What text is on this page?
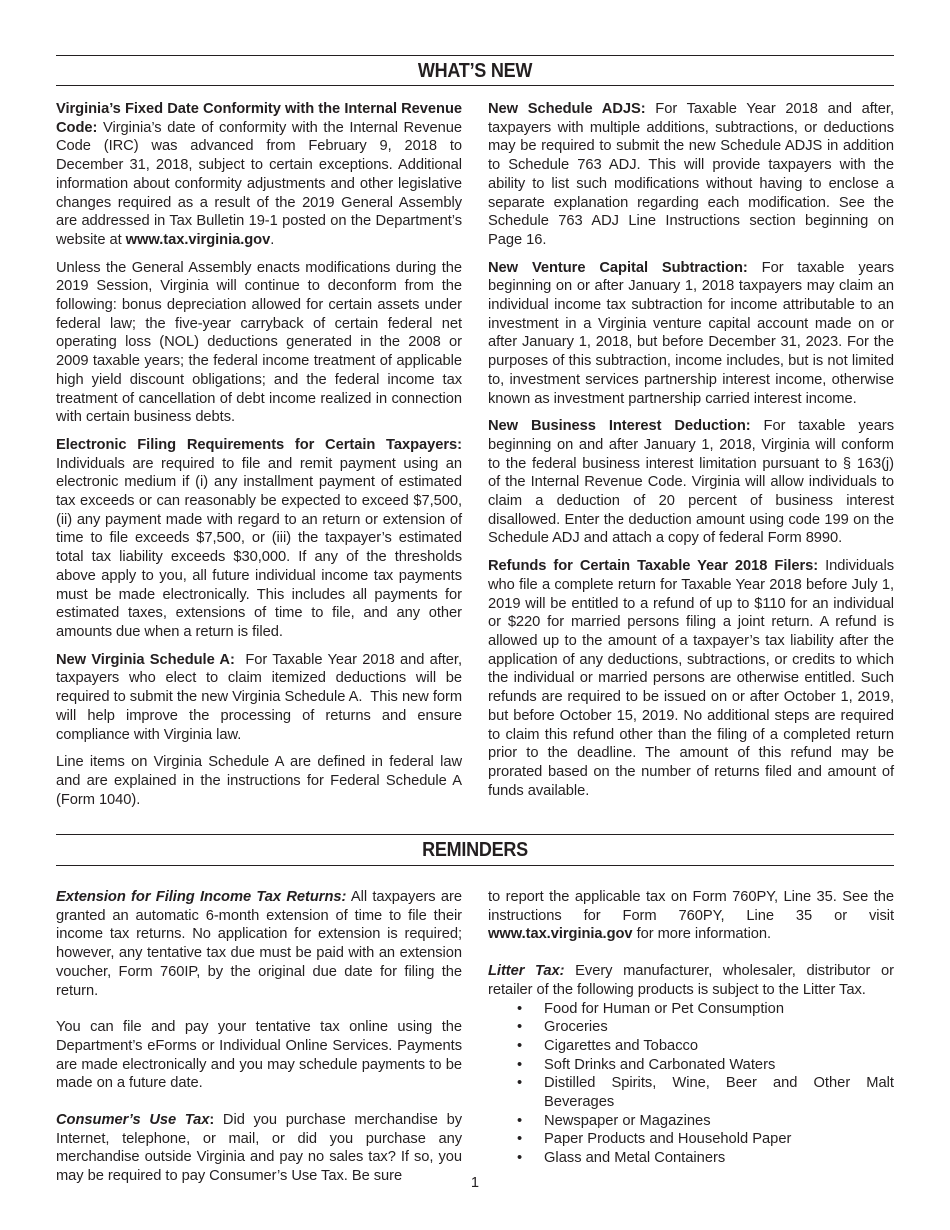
WHAT’S NEW

Virginia’s Fixed Date Conformity with the Internal Revenue Code: Virginia’s date of conformity with the Internal Revenue Code (IRC) was advanced from February 9, 2018 to December 31, 2018, subject to certain exceptions. Additional information about conformity adjustments and other legislative changes required as a result of the 2019 General Assembly are addressed in Tax Bulletin 19-1 posted on the Department’s website at www.tax.virginia.gov.

Unless the General Assembly enacts modifications during the 2019 Session, Virginia will continue to deconform from the following: bonus depreciation allowed for certain assets under federal law; the five-year carryback of certain federal net operating loss (NOL) deductions generated in the 2008 or 2009 taxable years; the federal income treatment of applicable high yield discount obligations; and the federal income tax treatment of cancellation of debt income realized in connection with certain business debts.

Electronic Filing Requirements for Certain Taxpayers: Individuals are required to file and remit payment using an electronic medium if (i) any installment payment of estimated tax exceeds or can reasonably be expected to exceed $7,500, (ii) any payment made with regard to an return or extension of time to file exceeds $7,500, or (iii) the taxpayer’s estimated total tax liability exceeds $30,000. If any of the thresholds above apply to you, all future individual income tax payments must be made electronically. This includes all payments for estimated taxes, extensions of time to file, and any other amounts due when a return is filed.

New Virginia Schedule A:  For Taxable Year 2018 and after, taxpayers who elect to claim itemized deductions will be required to submit the new Virginia Schedule A.  This new form will help improve the processing of returns and ensure compliance with Virginia law.

Line items on Virginia Schedule A are defined in federal law and are explained in the instructions for Federal Schedule A (Form 1040).

New Schedule ADJS: For Taxable Year 2018 and after, taxpayers with multiple additions, subtractions, or deductions may be required to submit the new Schedule ADJS in addition to Schedule 763 ADJ. This will provide taxpayers with the ability to list such modifications without having to enclose a separate explanation regarding each modification. See the Schedule 763 ADJ Line Instructions section beginning on Page 16.

New Venture Capital Subtraction: For taxable years beginning on or after January 1, 2018 taxpayers may claim an individual income tax subtraction for income attributable to an investment in a Virginia venture capital account made on or after January 1, 2018, but before December 31, 2023. For the purposes of this subtraction, income includes, but is not limited to, investment services partnership interest income, otherwise known as investment partnership carried interest income.

New Business Interest Deduction: For taxable years beginning on and after January 1, 2018, Virginia will conform to the federal business interest limitation pursuant to § 163(j) of the Internal Revenue Code. Virginia will allow individuals to claim a deduction of 20 percent of business interest disallowed. Enter the deduction amount using code 199 on the Schedule ADJ and attach a copy of federal Form 8990.

Refunds for Certain Taxable Year 2018 Filers: Individuals who file a complete return for Taxable Year 2018 before July 1, 2019 will be entitled to a refund of up to $110 for an individual or $220 for married persons filing a joint return. A refund is allowed up to the amount of a taxpayer’s tax liability after the application of any deductions, subtractions, or credits to which the individual or married persons are otherwise entitled. Such refunds are required to be issued on or after October 1, 2019, but before October 15, 2019. No additional steps are required to claim this refund other than the filing of a completed return prior to the deadline. The amount of this refund may be prorated based on the number of returns filed and amount of funds available.

REMINDERS

Extension for Filing Income Tax Returns: All taxpayers are granted an automatic 6-month extension of time to file their income tax returns. No application for extension is required; however, any tentative tax due must be paid with an extension voucher, Form 760IP, by the original due date for filing the return.

You can file and pay your tentative tax online using the Department’s eForms or Individual Online Services. Payments are made electronically and you may schedule payments to be made on a future date.

Consumer’s Use Tax: Did you purchase merchandise by Internet, telephone, or mail, or did you purchase any merchandise outside Virginia and pay no sales tax? If so, you may be required to pay Consumer’s Use Tax. Be sure

to report the applicable tax on Form 760PY, Line 35. See the instructions for Form 760PY, Line 35 or visit www.tax.virginia.gov for more information.

Litter Tax: Every manufacturer, wholesaler, distributor or retailer of the following products is subject to the Litter Tax.

• Food for Human or Pet Consumption
• Groceries
• Cigarettes and Tobacco
• Soft Drinks and Carbonated Waters
• Distilled Spirits, Wine, Beer and Other Malt Beverages
• Newspaper or Magazines
• Paper Products and Household Paper
• Glass and Metal Containers
1
